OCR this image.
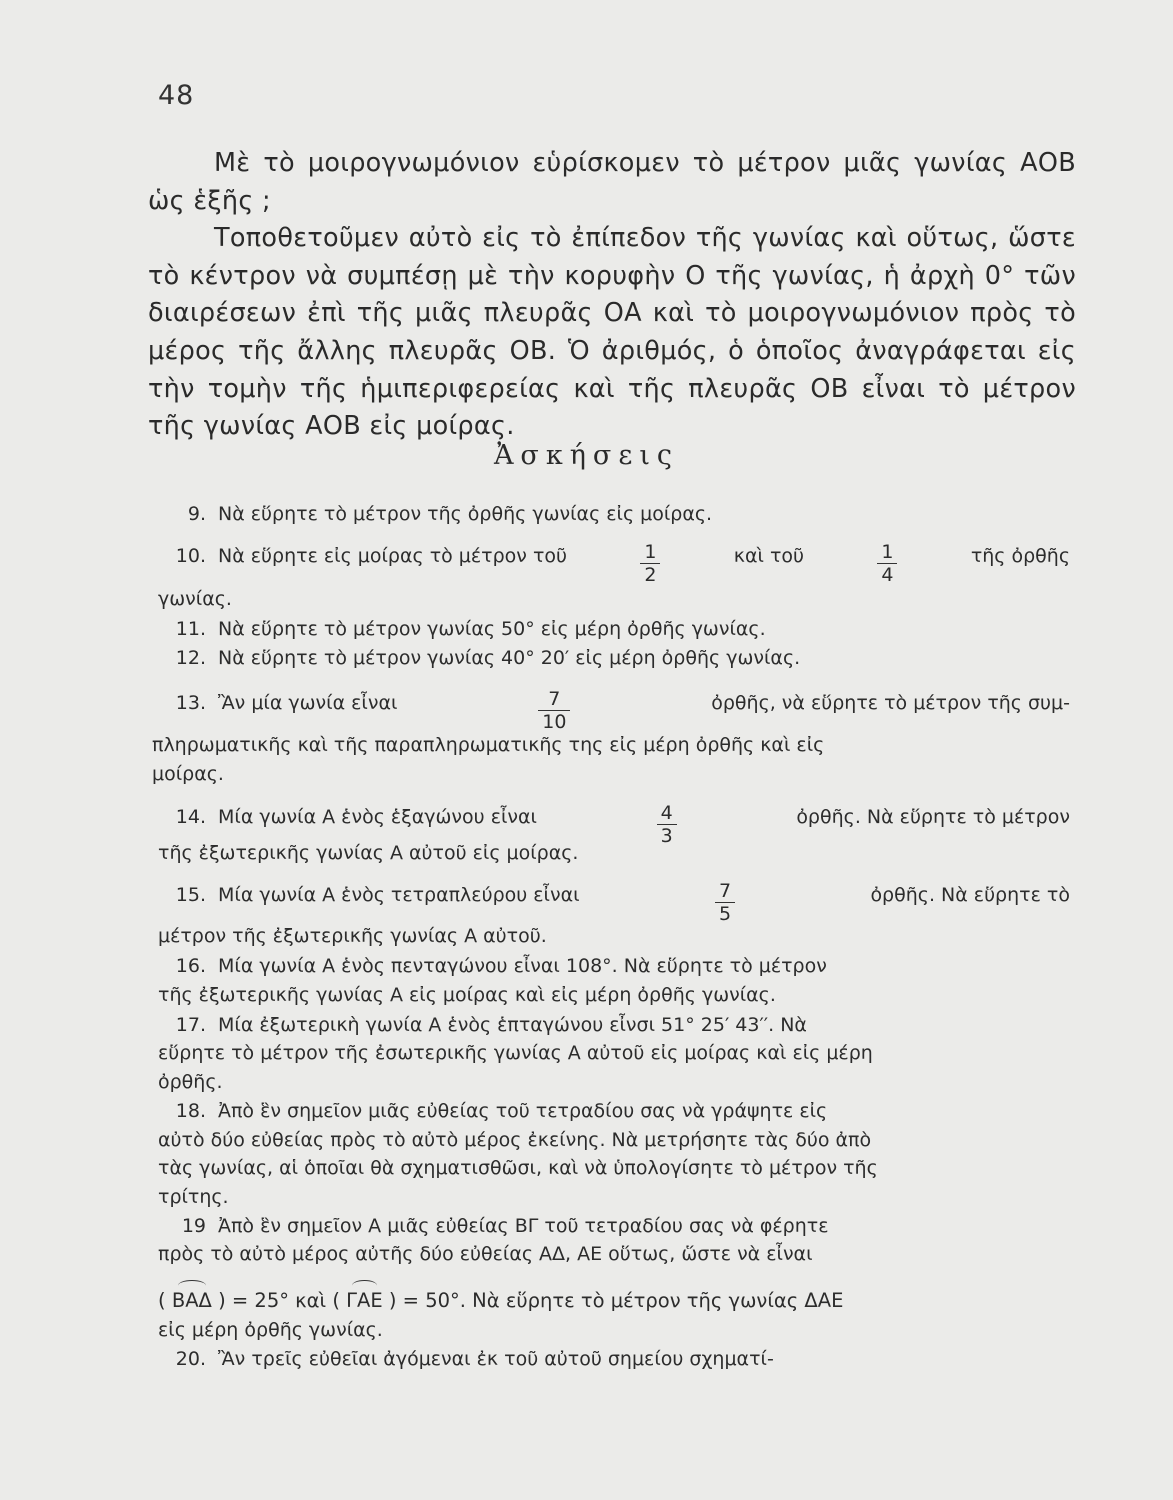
48

Μὲ τὸ μοιρογνωμόνιον εὑρίσκομεν τὸ μέτρον μιᾶς γωνίας ΑΟΒ ὡς ἑξῆς ;

Τοποθετοῦμεν αὐτὸ εἰς τὸ ἐπίπεδον τῆς γωνίας καὶ οὕτως, ὥστε τὸ κέντρον νὰ συμπέσῃ μὲ τὴν κορυφὴν Ο τῆς γωνίας, ἡ ἀρχὴ 0° τῶν διαιρέσεων ἐπὶ τῆς μιᾶς πλευρᾶς ΟΑ καὶ τὸ μοιρογνωμόνιον πρὸς τὸ μέρος τῆς ἄλλης πλευρᾶς ΟΒ. Ὁ ἀριθμός, ὁ ὁποῖος ἀναγράφεται εἰς τὴν τομὴν τῆς ἡμιπεριφερείας καὶ τῆς πλευρᾶς ΟΒ εἶναι τὸ μέτρον τῆς γωνίας ΑΟΒ εἰς μοίρας.

Ἀσκήσεις
9. Νὰ εὕρητε τὸ μέτρον τῆς ὀρθῆς γωνίας εἰς μοίρας.
10. Νὰ εὕρητε εἰς μοίρας τὸ μέτρον τοῦ	$\frac{1}{2}$	καὶ τοῦ	$\frac{1}{4}$	τῆς ὀρθῆς
γωνίας.
11. Νὰ εὕρητε τὸ μέτρον γωνίας 50° εἰς μέρη ὀρθῆς γωνίας.
12. Νὰ εὕρητε τὸ μέτρον γωνίας 40° 20′ εἰς μέρη ὀρθῆς γωνίας.
13. Ἂν μία γωνία εἶναι	$\frac{7}{10}$	ὀρθῆς, νὰ εὕρητε τὸ μέτρον τῆς συμ-
πληρωματικῆς καὶ τῆς παραπληρωματικῆς της εἰς μέρη ὀρθῆς καὶ εἰς
μοίρας.
14. Μία γωνία Α ἑνὸς ἑξαγώνου εἶναι	$\frac{4}{3}$	ὀρθῆς. Νὰ εὕρητε τὸ μέτρον
τῆς ἐξωτερικῆς γωνίας Α αὐτοῦ εἰς μοίρας.
15. Μία γωνία Α ἑνὸς τετραπλεύρου εἶναι	$\frac{7}{5}$	ὀρθῆς. Νὰ εὕρητε τὸ
μέτρον τῆς ἐξωτερικῆς γωνίας Α αὐτοῦ.
16. Μία γωνία Α ἑνὸς πενταγώνου εἶναι 108°. Νὰ εὕρητε τὸ μέτρον
τῆς ἐξωτερικῆς γωνίας Α εἰς μοίρας καὶ εἰς μέρη ὀρθῆς γωνίας.
17. Μία ἐξωτερικὴ γωνία Α ἑνὸς ἑπταγώνου εἶνσι 51° 25′ 43′′. Νὰ
εὕρητε τὸ μέτρον τῆς ἐσωτερικῆς γωνίας Α αὐτοῦ εἰς μοίρας καὶ εἰς μέρη
ὀρθῆς.
18. Ἀπὸ ἓν σημεῖον μιᾶς εὐθείας τοῦ τετραδίου σας νὰ γράψητε εἰς
αὐτὸ δύο εὐθείας πρὸς τὸ αὐτὸ μέρος ἐκείνης. Νὰ μετρήσητε τὰς δύο ἀπὸ
τὰς γωνίας, αἱ ὁποῖαι θὰ σχηματισθῶσι, καὶ νὰ ὑπολογίσητε τὸ μέτρον τῆς
τρίτης.
19 Ἀπὸ ἓν σημεῖον Α μιᾶς εὐθείας ΒΓ τοῦ τετραδίου σας νὰ φέρητε
πρὸς τὸ αὐτὸ μέρος αὐτῆς δύο εὐθείας ΑΔ, ΑΕ οὕτως, ὥστε νὰ εἶναι
( ΒΑΔ ) = 25° καὶ ( ΓΑΕ ) = 50°. Νὰ εὕρητε τὸ μέτρον τῆς γωνίας ΔΑΕ
εἰς μέρη ὀρθῆς γωνίας.
20. Ἂν τρεῖς εὐθεῖαι ἀγόμεναι ἐκ τοῦ αὐτοῦ σημείου σχηματί-
